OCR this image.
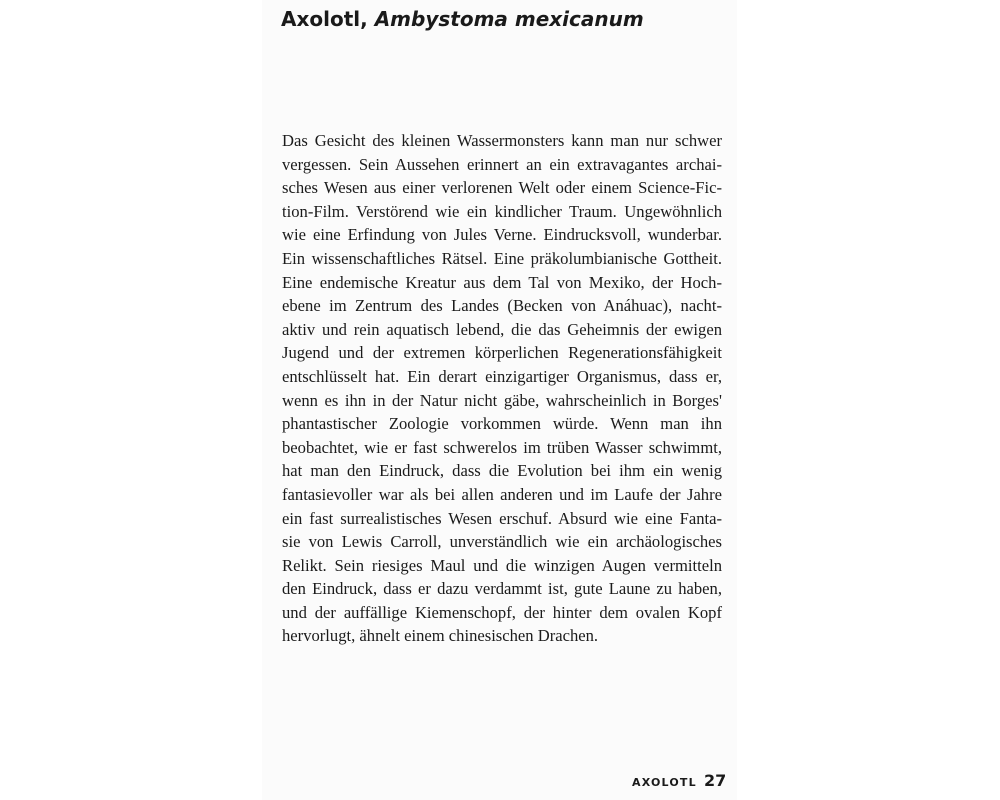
Axolotl, Ambystoma mexicanum

Das Gesicht des kleinen Wassermonsters kann man nur schwer
vergessen. Sein Aussehen erinnert an ein extravagantes archai-
sches Wesen aus einer verlorenen Welt oder einem Science-Fic-
tion-Film. Verstörend wie ein kindlicher Traum. Ungewöhnlich
wie eine Erfindung von Jules Verne. Eindrucksvoll, wunderbar.
Ein wissenschaftliches Rätsel. Eine präkolumbianische Gottheit.
Eine endemische Kreatur aus dem Tal von Mexiko, der Hoch-
ebene im Zentrum des Landes (Becken von Anáhuac), nacht-
aktiv und rein aquatisch lebend, die das Geheimnis der ewigen
Jugend und der extremen körperlichen Regenerationsfähigkeit
entschlüsselt hat. Ein derart einzigartiger Organismus, dass er,
wenn es ihn in der Natur nicht gäbe, wahrscheinlich in Borges'
phantastischer Zoologie vorkommen würde. Wenn man ihn
beobachtet, wie er fast schwerelos im trüben Wasser schwimmt,
hat man den Eindruck, dass die Evolution bei ihm ein wenig
fantasievoller war als bei allen anderen und im Laufe der Jahre
ein fast surrealistisches Wesen erschuf. Absurd wie eine Fanta-
sie von Lewis Carroll, unverständlich wie ein archäologisches
Relikt. Sein riesiges Maul und die winzigen Augen vermitteln
den Eindruck, dass er dazu verdammt ist, gute Laune zu haben,
und der auffällige Kiemenschopf, der hinter dem ovalen Kopf
hervorlugt, ähnelt einem chinesischen Drachen.

AXOLOTL 27
